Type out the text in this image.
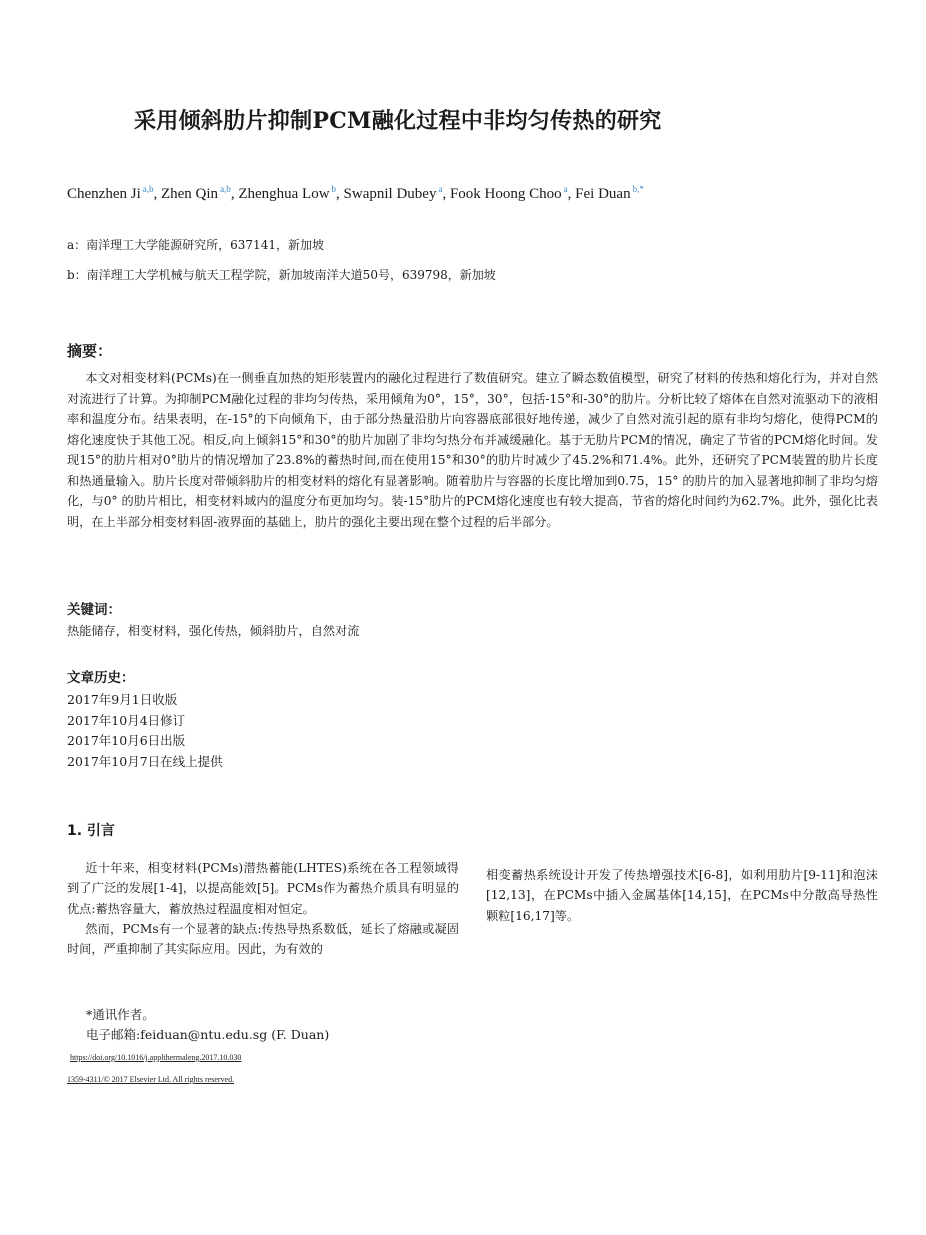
采用倾斜肋片抑制PCM融化过程中非均匀传热的研究
Chenzhen Ji $^{a,b}$, Zhen Qin $^{a,b}$, Zhenghua Low $^b$, Swapnil Dubey $^a$, Fook Hoong Choo $^a$, Fei Duan $^{b,*}$
a：南洋理工大学能源研究所，637141，新加坡
b：南洋理工大学机械与航天工程学院，新加坡南洋大道50号，639798，新加坡
摘要：
本文对相变材料(PCMs)在一侧垂直加热的矩形装置内的融化过程进行了数值研究。建立了瞬态数值模型，研究了材料的传热和熔化行为，并对自然对流进行了计算。为抑制PCM融化过程的非均匀传热，采用倾角为0°，15°，30°，包括-15°和-30°的肋片。分析比较了熔体在自然对流驱动下的液相率和温度分布。结果表明，在-15°的下向倾角下，由于部分热量沿肋片向容器底部很好地传递，减少了自然对流引起的原有非均匀熔化，使得PCM的熔化速度快于其他工况。相反,向上倾斜15°和30°的肋片加剧了非均匀热分布并减缓融化。基于无肋片PCM的情况，确定了节省的PCM熔化时间。发现15°的肋片相对0°肋片的情况增加了23.8%的蓄热时间,而在使用15°和30°的肋片时减少了45.2%和71.4%。此外，还研究了PCM装置的肋片长度和热通量输入。肋片长度对带倾斜肋片的相变材料的熔化有显著影响。随着肋片与容器的长度比增加到0.75，15° 的肋片的加入显著地抑制了非均匀熔化，与0° 的肋片相比，相变材料域内的温度分布更加均匀。装-15°肋片的PCM熔化速度也有较大提高，节省的熔化时间约为62.7%。此外，强化比表明，在上半部分相变材料固-液界面的基础上，肋片的强化主要出现在整个过程的后半部分。
关键词：
热能储存，相变材料，强化传热，倾斜肋片，自然对流
文章历史：
2017年9月1日收版
2017年10月4日修订
2017年10月6日出版
2017年10月7日在线上提供
1. 引言
近十年来，相变材料(PCMs)潜热蓄能(LHTES)系统在各工程领域得到了广泛的发展[1-4]，以提高能效[5]。PCMs作为蓄热介质具有明显的优点:蓄热容量大，蓄放热过程温度相对恒定。
然而，PCMs有一个显著的缺点:传热导热系数低，延长了熔融或凝固时间，严重抑制了其实际应用。因此，为有效的
相变蓄热系统设计开发了传热增强技术[6-8]，如利用肋片[9-11]和泡沫[12,13]，在PCMs中插入金属基体[14,15]，在PCMs中分散高导热性颗粒[16,17]等。
*通讯作者。
电子邮箱:feiduan@ntu.edu.sg (F. Duan)
https://doi.org/10.1016/j.applthermaleng.2017.10.030
1359-4311/© 2017 Elsevier Ltd. All rights reserved.
